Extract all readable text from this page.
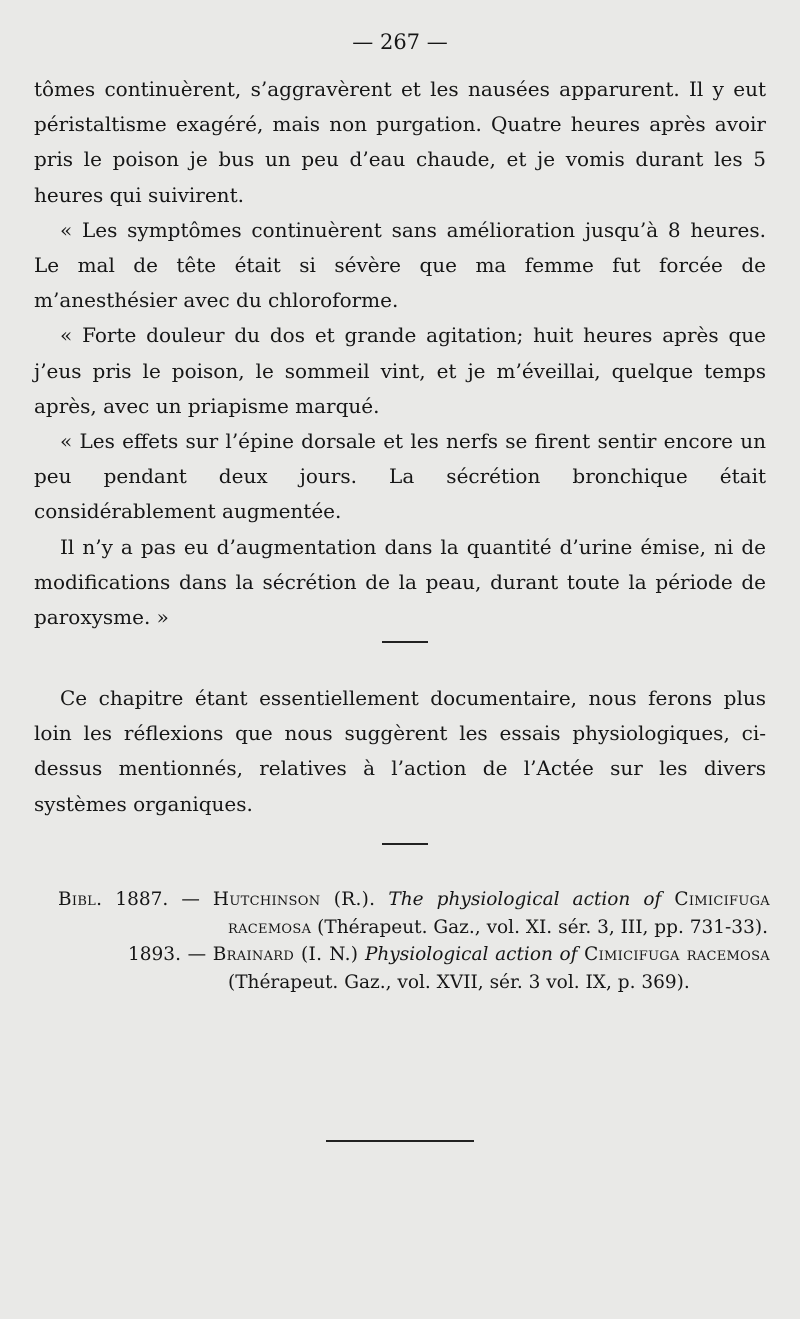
— 267 —

tômes continuèrent, s’aggravèrent et les nausées apparurent. Il y eut péristaltisme exagéré, mais non purgation. Quatre heures après avoir pris le poison je bus un peu d’eau chaude, et je vomis durant les 5 heures qui suivirent.

« Les symptômes continuèrent sans amélioration jusqu’à 8 heures. Le mal de tête était si sévère que ma femme fut forcée de m’anesthésier avec du chloroforme.

« Forte douleur du dos et grande agitation; huit heures après que j’eus pris le poison, le sommeil vint, et je m’éveillai, quelque temps après, avec un priapisme marqué.

« Les effets sur l’épine dorsale et les nerfs se firent sentir encore un peu pendant deux jours. La sécrétion bronchique était considérablement augmentée.

Il n’y a pas eu d’augmentation dans la quantité d’urine émise, ni de modifications dans la sécrétion de la peau, durant toute la période de paroxysme. »

Ce chapitre étant essentiellement documentaire, nous ferons plus loin les réflexions que nous suggèrent les essais physiologiques, ci-dessus mentionnés, relatives à l’action de l’Actée sur les divers systèmes organiques.

Bibl. 1887. — Hutchinson (R.). The physiological action of Cimicifuga racemosa (Thérapeut. Gaz., vol. XI. sér. 3, III, pp. 731-33).
1893. — Brainard (I. N.) Physiological action of Cimicifuga racemosa (Thérapeut. Gaz., vol. XVII, sér. 3 vol. IX, p. 369).
